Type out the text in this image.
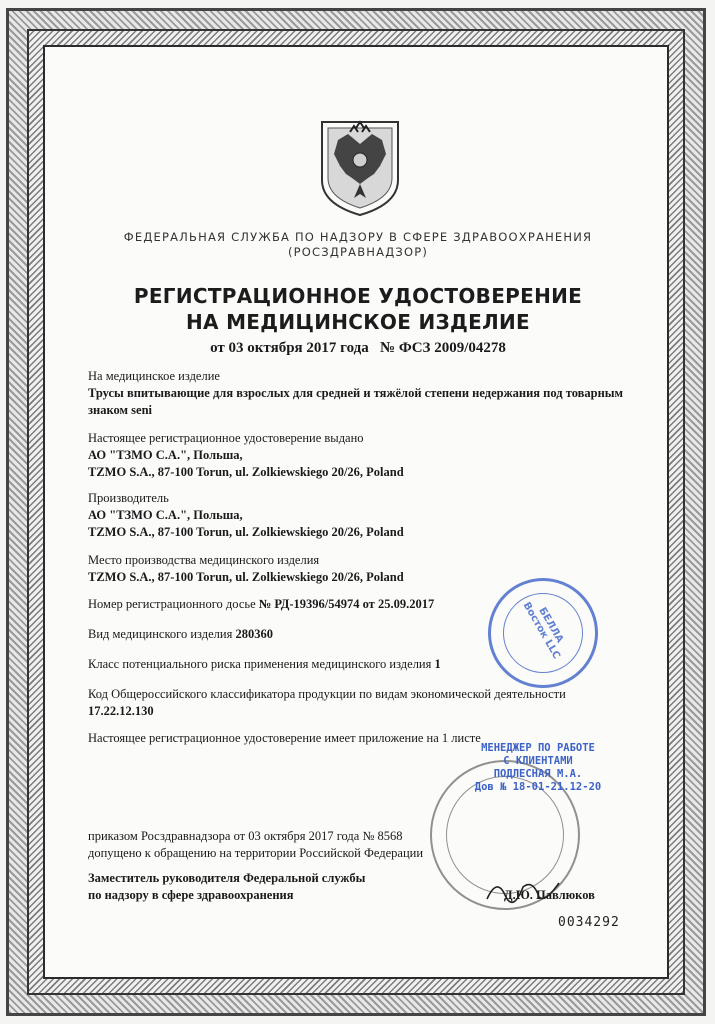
ФЕДЕРАЛЬНАЯ СЛУЖБА ПО НАДЗОРУ В СФЕРЕ ЗДРАВООХРАНЕНИЯ
(РОСЗДРАВНАДЗОР)
РЕГИСТРАЦИОННОЕ УДОСТОВЕРЕНИЕ
НА МЕДИЦИНСКОЕ ИЗДЕЛИЕ
от 03 октября 2017 года № ФСЗ 2009/04278
На медицинское изделие
Трусы впитывающие для взрослых для средней и тяжёлой степени недержания под товарным знаком seni
Настоящее регистрационное удостоверение выдано
АО "ТЗМО С.А.", Польша,
TZMO S.A., 87-100 Torun, ul. Zolkiewskiego 20/26, Poland
Производитель
АО "ТЗМО С.А.", Польша,
TZMO S.A., 87-100 Torun, ul. Zolkiewskiego 20/26, Poland
Место производства медицинского изделия
TZMO S.A., 87-100 Torun, ul. Zolkiewskiego 20/26, Poland
Номер регистрационного досье № РД-19396/54974 от 25.09.2017
Вид медицинского изделия 280360
Класс потенциального риска применения медицинского изделия 1
Код Общероссийского классификатора продукции по видам экономической деятельности 17.22.12.130
Настоящее регистрационное удостоверение имеет приложение на 1 листе
приказом Росздравнадзора от 03 октября 2017 года № 8568
допущено к обращению на территории Российской Федерации
Заместитель руководителя Федеральной службы
по надзору в сфере здравоохранения	Д.Ю. Павлюков
БЕЛЛА Восток LLC
МЕНЕДЖЕР ПО РАБОТЕ
С КЛИЕНТАМИ
ПОДЛЕСНАЯ М.А.
Дов № 18-01-21.12-20
0034292
